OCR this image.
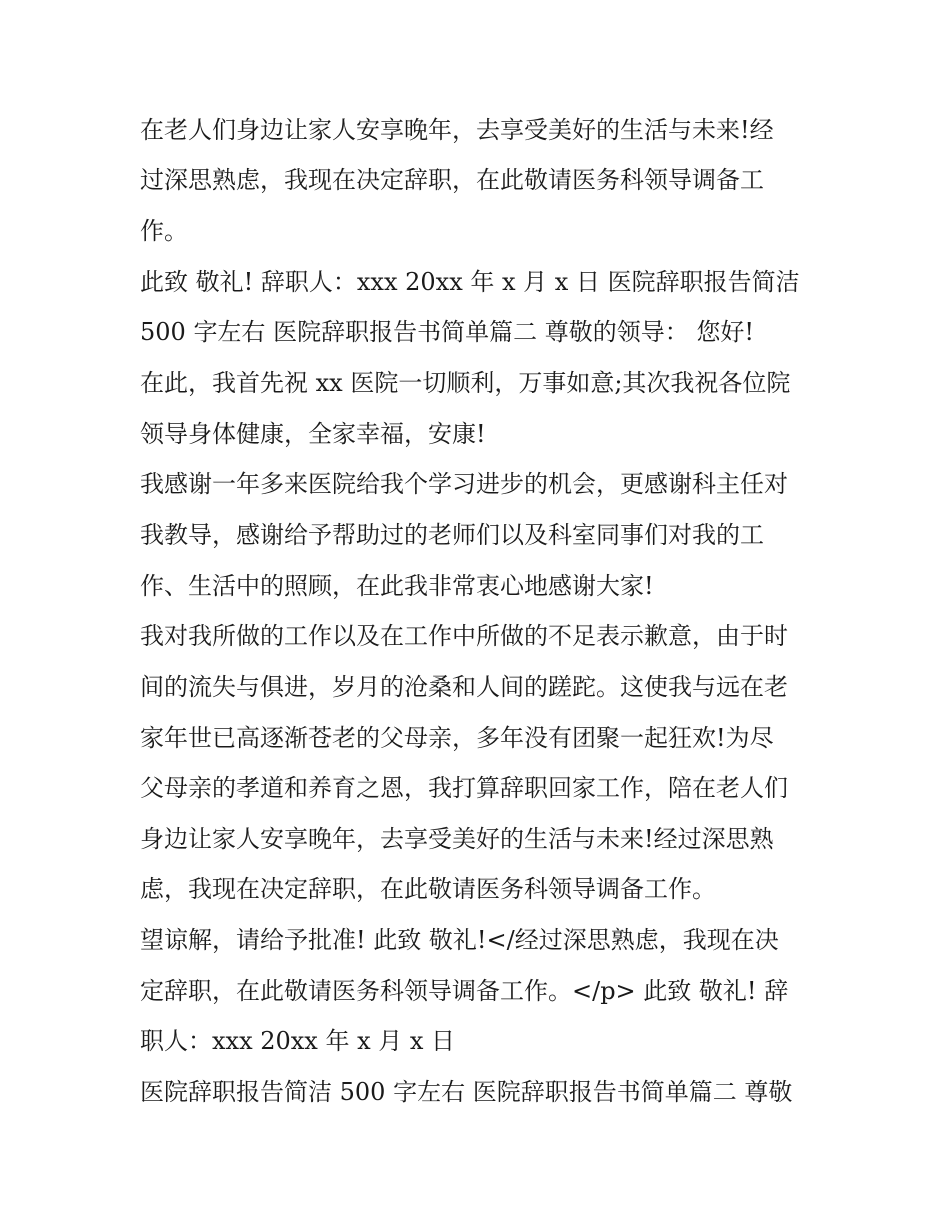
在老人们身边让家人安享晚年，去享受美好的生活与未来!经
过深思熟虑，我现在决定辞职，在此敬请医务科领导调备工
作。
此致 敬礼! 辞职人：xxx 20xx 年 x 月 x 日 医院辞职报告简洁
500 字左右 医院辞职报告书简单篇二 尊敬的领导： 您好!
在此，我首先祝 xx 医院一切顺利，万事如意;其次我祝各位院
领导身体健康，全家幸福，安康!
我感谢一年多来医院给我个学习进步的机会，更感谢科主任对
我教导，感谢给予帮助过的老师们以及科室同事们对我的工
作、生活中的照顾，在此我非常衷心地感谢大家!
我对我所做的工作以及在工作中所做的不足表示歉意，由于时
间的流失与俱进，岁月的沧桑和人间的蹉跎。这使我与远在老
家年世已高逐渐苍老的父母亲，多年没有团聚一起狂欢!为尽
父母亲的孝道和养育之恩，我打算辞职回家工作，陪在老人们
身边让家人安享晚年，去享受美好的生活与未来!经过深思熟
虑，我现在决定辞职，在此敬请医务科领导调备工作。
望谅解，请给予批准! 此致 敬礼!</经过深思熟虑，我现在决
定辞职，在此敬请医务科领导调备工作。</p> 此致 敬礼! 辞
职人：xxx 20xx 年 x 月 x 日
医院辞职报告简洁 500 字左右 医院辞职报告书简单篇二 尊敬
